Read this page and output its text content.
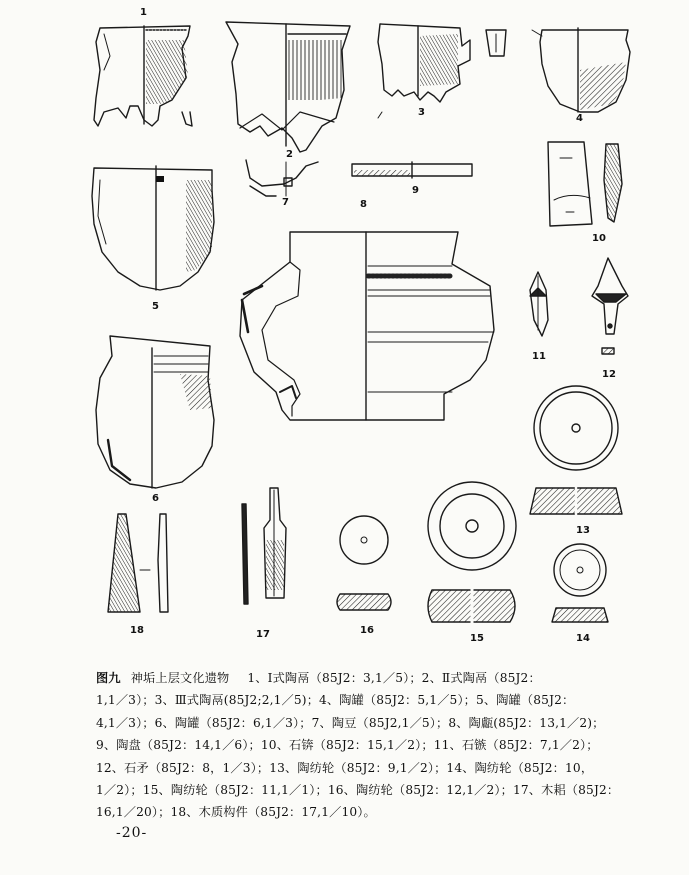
1
2
3
4
5
6
7	8
9
10
11
12
13
14
15
16
17
18

图九 神垢上层文化遗物 1、Ⅰ式陶鬲（85J2：3,1／5）；2、Ⅱ式陶鬲（85J2：

1,1／3）；3、Ⅲ式陶鬲(85J2;2,1／5)；4、陶罐（85J2：5,1／5）；5、陶罐（85J2：

4,1／3）；6、陶罐（85J2：6,1／3）；7、陶豆（85J2,1／5）；8、陶甗(85J2：13,1／2)；

9、陶盘（85J2：14,1／6）；10、石锛（85J2：15,1／2）；11、石镞（85J2：7,1／2）；

12、石矛（85J2：8，1／3）；13、陶纺轮（85J2：9,1／2）；14、陶纺轮（85J2：10，

1／2）；15、陶纺轮（85J2：11,1／1）；16、陶纺轮（85J2：12,1／2）；17、木耜（85J2：

16,1／20）；18、木质构件（85J2：17,1／10）。

-20-
